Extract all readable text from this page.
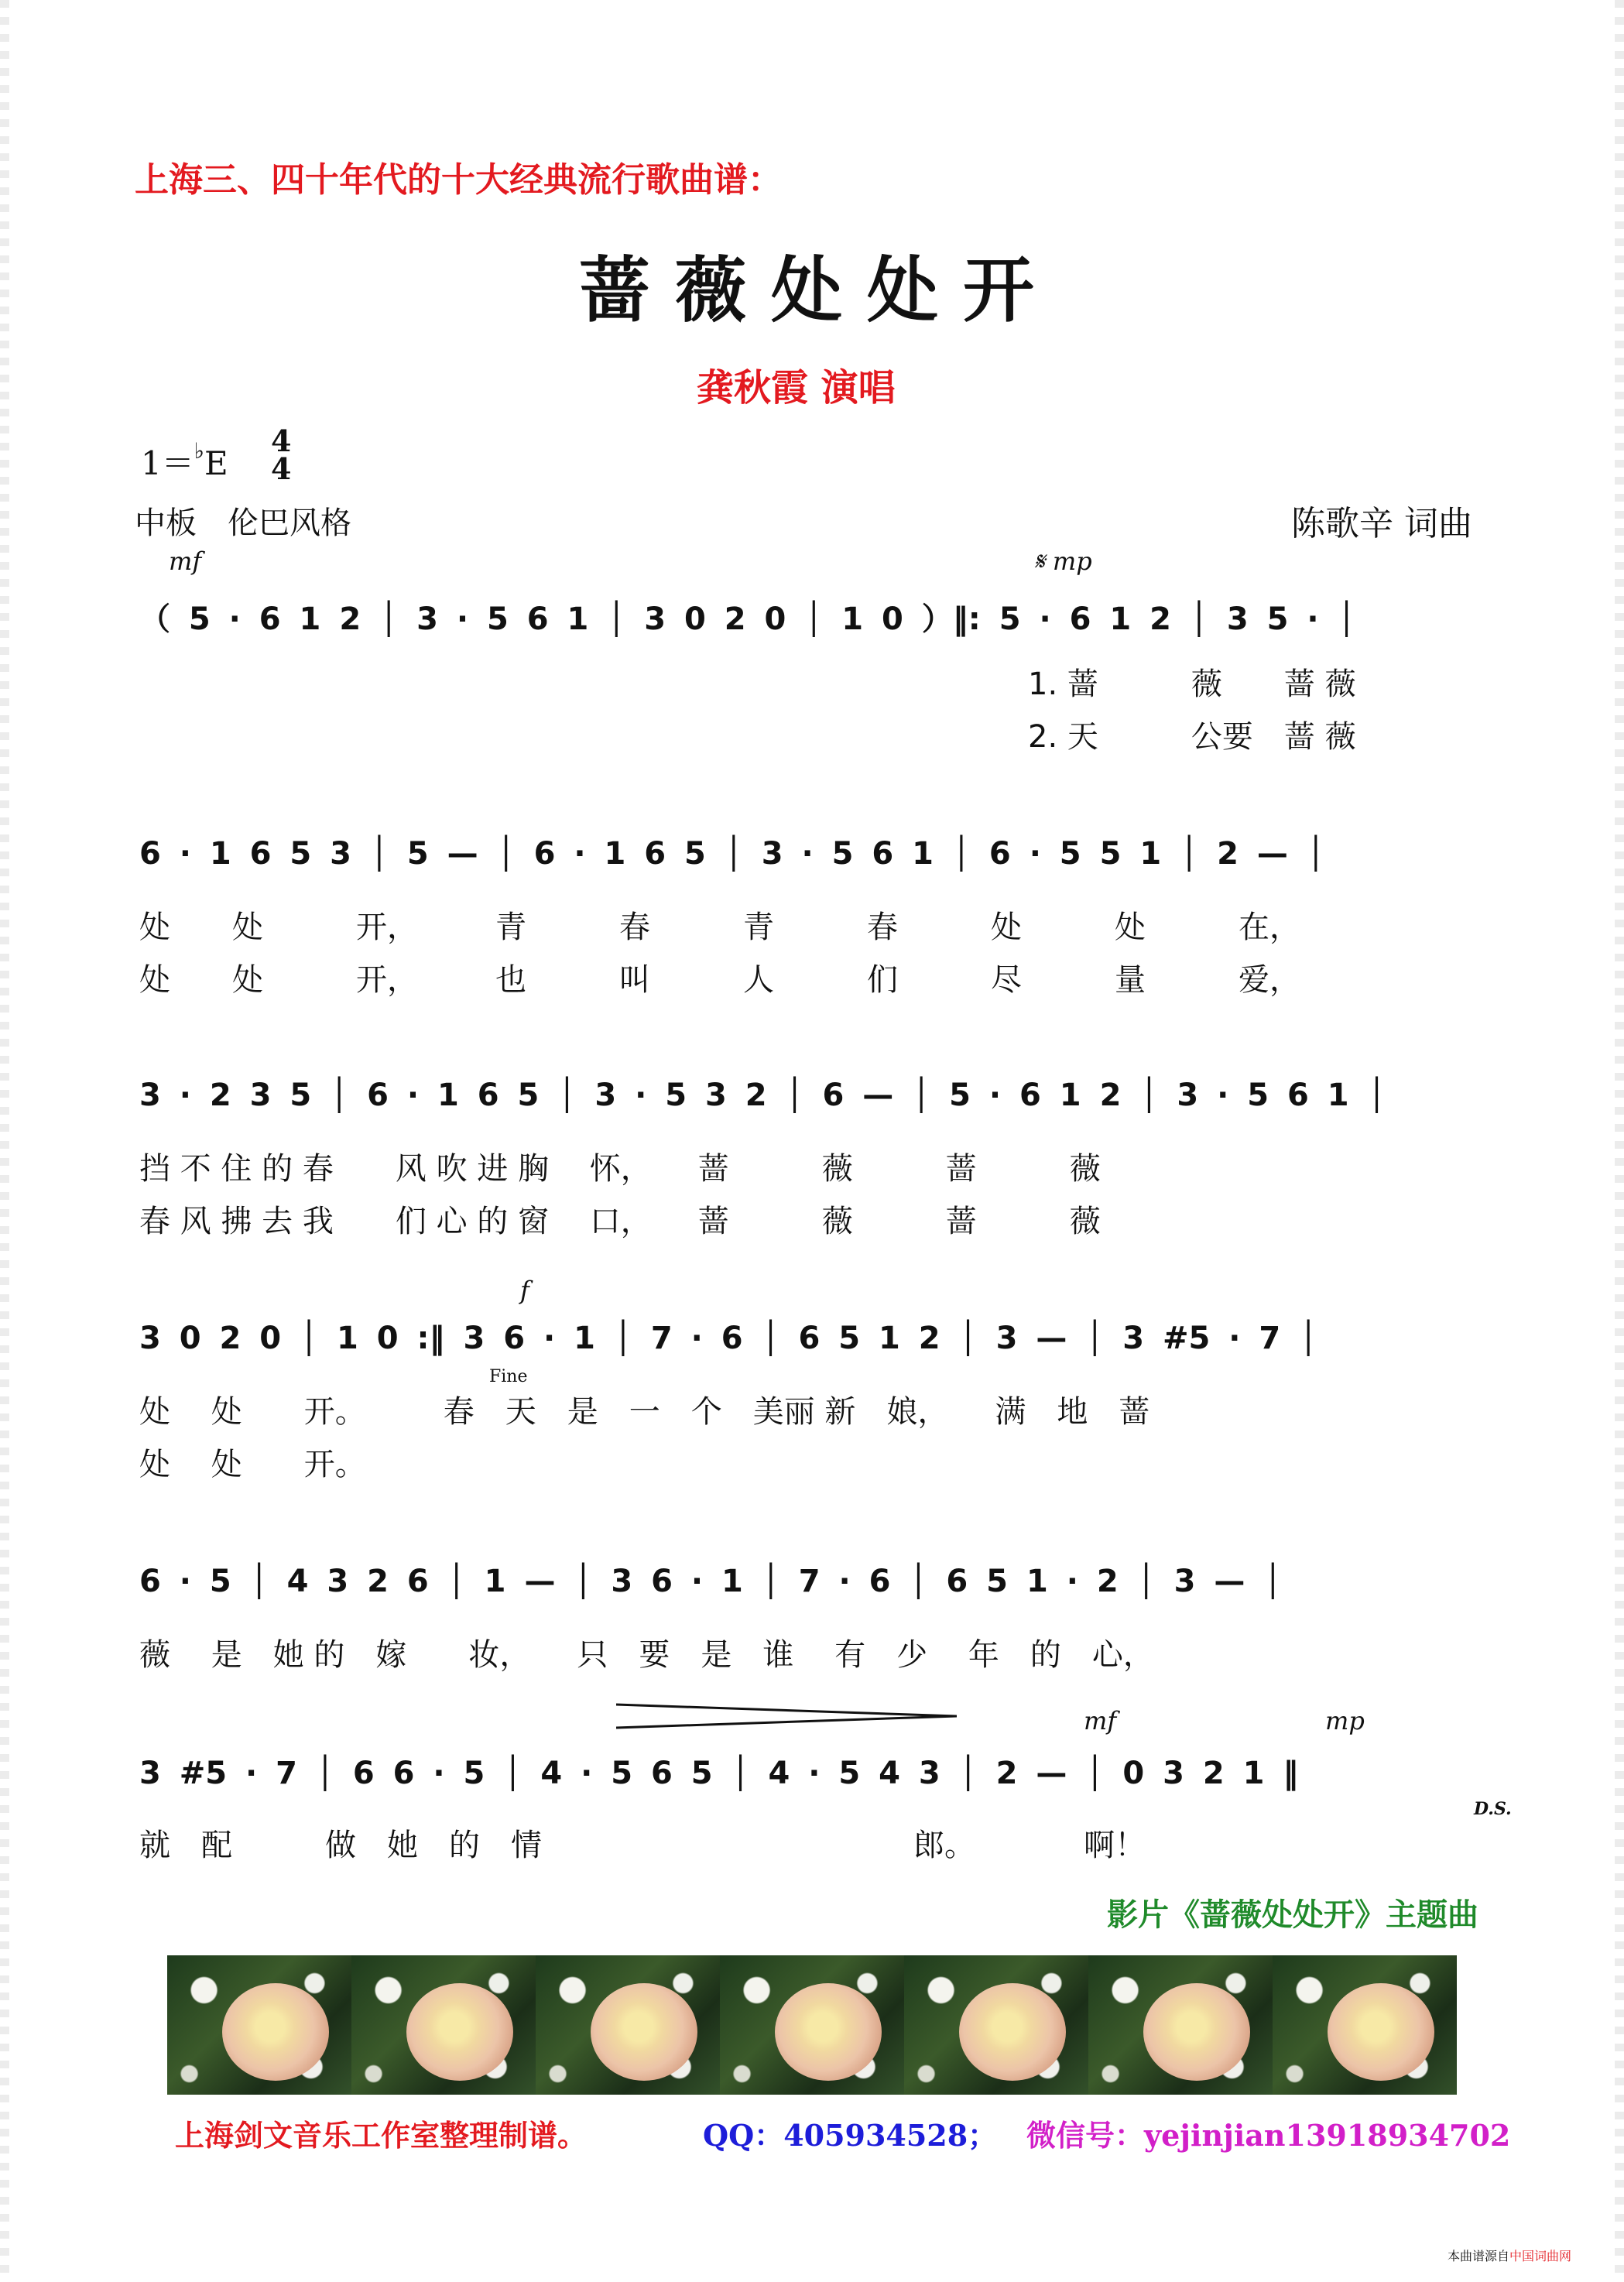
上海三、四十年代的十大经典流行歌曲谱：
蔷薇处处开
龚秋霞 演唱
1＝♭E
4
4
中板　伦巴风格	陈歌辛 词曲
mf	𝄋 mp
（ 5 · 6 1 2 │ 3 · 5 6 1 │ 3 0 2 0 │ 1 0 ）‖: 5 · 6 1 2 │ 3 5 · │
1. 蔷　　　薇　　蔷 薇
2. 天　　　公要　蔷 薇
6 · 1 6 5 3 │ 5 — │ 6 · 1 6 5 │ 3 · 5 6 1 │ 6 · 5 5 1 │ 2 — │
处　　处　　　开，　　　青　　　春　　　青　　　春　　　处　　　处　　　在，
处　　处　　　开，　　　也　　　叫　　　人　　　们　　　尽　　　量　　　爱，
3 · 2 3 5 │ 6 · 1 6 5 │ 3 · 5 3 2 │ 6 — │ 5 · 6 1 2 │ 3 · 5 6 1 │
挡 不 住 的 春　　风 吹 进 胸　 怀，　　蔷　　　薇　　　蔷　　　薇
春 风 拂 去 我　　们 心 的 窗　 口，　　蔷　　　薇　　　蔷　　　薇
f
3 0 2 0 │ 1 0 :‖ 3 6 · 1 │ 7 · 6 │ 6 5 1 2 │ 3 — │ 3 #5 · 7 │
Fine
处　 处　　开。　　　春　天　是　一　个　美丽 新　娘，　　满　地　蔷
处　 处　　开。
6 · 5 │ 4 3 2 6 │ 1 — │ 3 6 · 1 │ 7 · 6 │ 6 5 1 · 2 │ 3 — │
薇　 是　她 的　嫁　　妆，　　只　要　是　谁　 有　少　 年　的　心，
mf	mp
3 #5 · 7 │ 6 6 · 5 │ 4 · 5 6 5 │ 4 · 5 4 3 │ 2 — │ 0 3 2 1 ‖
D.S.
就　配　　　做　她　的　情　　　　　　　　　　　　郎。　　　　啊！
影片《蔷薇处处开》主题曲
上海剑文音乐工作室整理制谱。	QQ：405934528； 微信号：yejinjian13918934702
本曲谱源自中国词曲网
